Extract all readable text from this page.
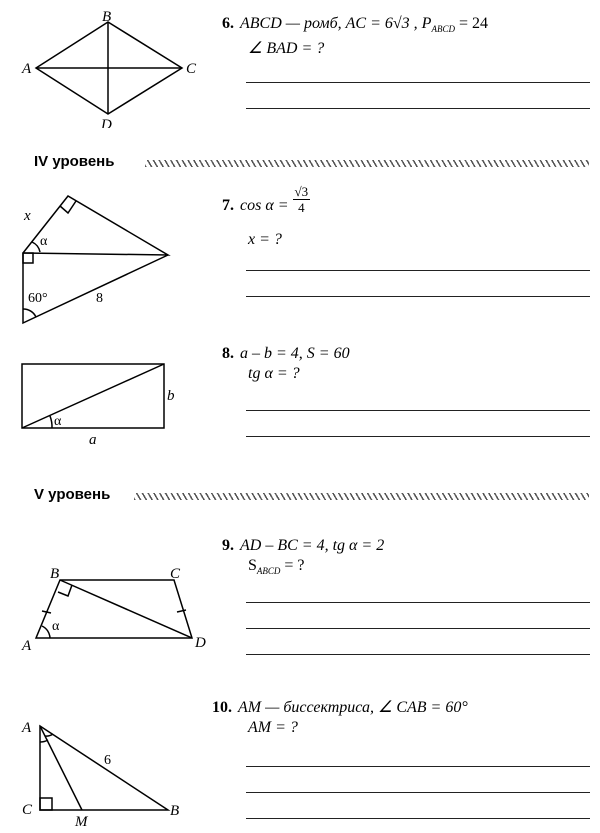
B
A	C
D
6. ABCD — ромб, AC = 6√3 , $P_{ABCD} = 24$
∠ BAD = ?
IV уровень
x
α
60°	8
7. $\cos \alpha = \frac{√3}{4}$
x = ?
α
b
a
8. a – b = 4, S = 60
tg α = ?
V уровень
B	C
A	D
α
9. AD – BC = 4, tg α = 2
$S_{ABCD}$ = ?
A
C
M
B
6
10. AM — биссектриса, ∠ CAB = 60°
AM = ?
